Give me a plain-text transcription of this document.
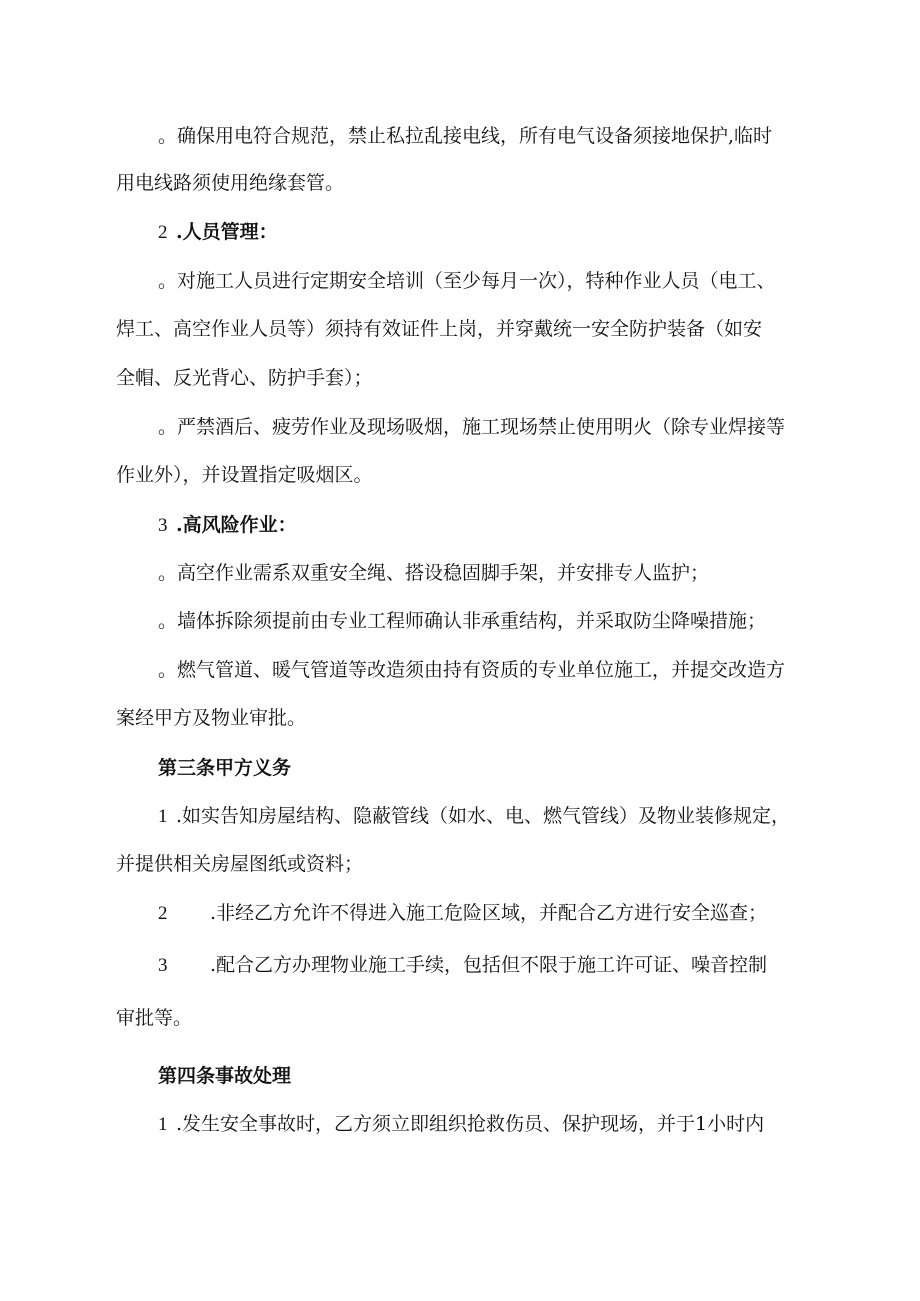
。确保用电符合规范，禁止私拉乱接电线，所有电气设备须接地保护,临时
用电线路须使用绝缘套管。
2 .人员管理：
。对施工人员进行定期安全培训（至少每月一次），特种作业人员（电工、
焊工、高空作业人员等）须持有效证件上岗，并穿戴统一安全防护装备（如安
全帽、反光背心、防护手套）；
。严禁酒后、疲劳作业及现场吸烟，施工现场禁止使用明火（除专业焊接等
作业外），并设置指定吸烟区。
3 .高风险作业：
。高空作业需系双重安全绳、搭设稳固脚手架，并安排专人监护；
。墙体拆除须提前由专业工程师确认非承重结构，并采取防尘降噪措施；
。燃气管道、暖气管道等改造须由持有资质的专业单位施工，并提交改造方
案经甲方及物业审批。
第三条甲方义务
1 .如实告知房屋结构、隐蔽管线（如水、电、燃气管线）及物业装修规定，
并提供相关房屋图纸或资料；
2 .非经乙方允许不得进入施工危险区域，并配合乙方进行安全巡查；
3 .配合乙方办理物业施工手续，包括但不限于施工许可证、噪音控制
审批等。
第四条事故处理
1 .发生安全事故时，乙方须立即组织抢救伤员、保护现场，并于1小时内
